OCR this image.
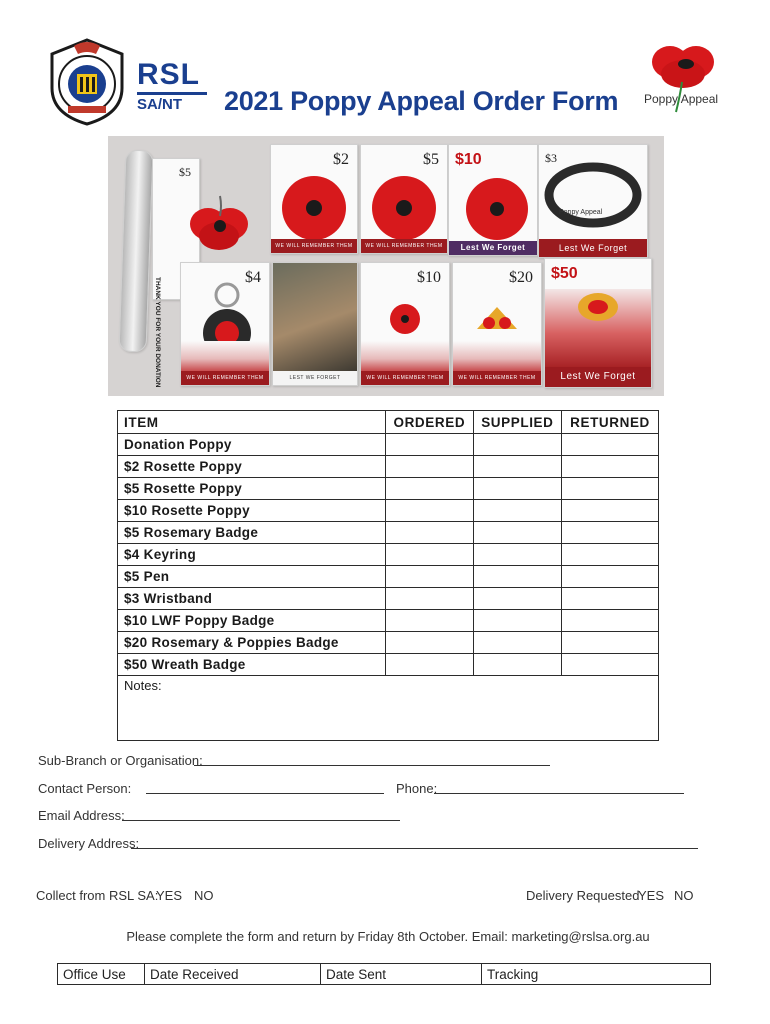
RSL
SA/NT	2021 Poppy Appeal Order Form Poppy Appeal
$5
THANK YOU FOR YOUR DONATION
$2
WE WILL REMEMBER THEM
$5
WE WILL REMEMBER THEM
$10
Lest We Forget
$3
Poppy Appeal
Lest We Forget
$4
WE WILL REMEMBER THEM	LEST WE FORGET
$10
WE WILL REMEMBER THEM
$20
WE WILL REMEMBER THEM
$50
Lest We Forget
ITEM	ORDERED	SUPPLIED	RETURNED
Donation Poppy			
$2 Rosette Poppy			
$5 Rosette Poppy			
$10 Rosette Poppy			
$5 Rosemary Badge			
$4 Keyring			
$5 Pen			
$3 Wristband			
$10 LWF Poppy Badge			
$20 Rosemary & Poppies Badge			
$50 Wreath Badge			
Notes:			
Sub-Branch or Organisation:
Contact Person:	Phone:
Email Address:
Delivery Address:
Collect from RSL SA:
YES NO	Delivery Requested
YES NO
Please complete the form and return by Friday 8th October. Email: marketing@rslsa.org.au
Office Use	Date Received	Date Sent	Tracking
